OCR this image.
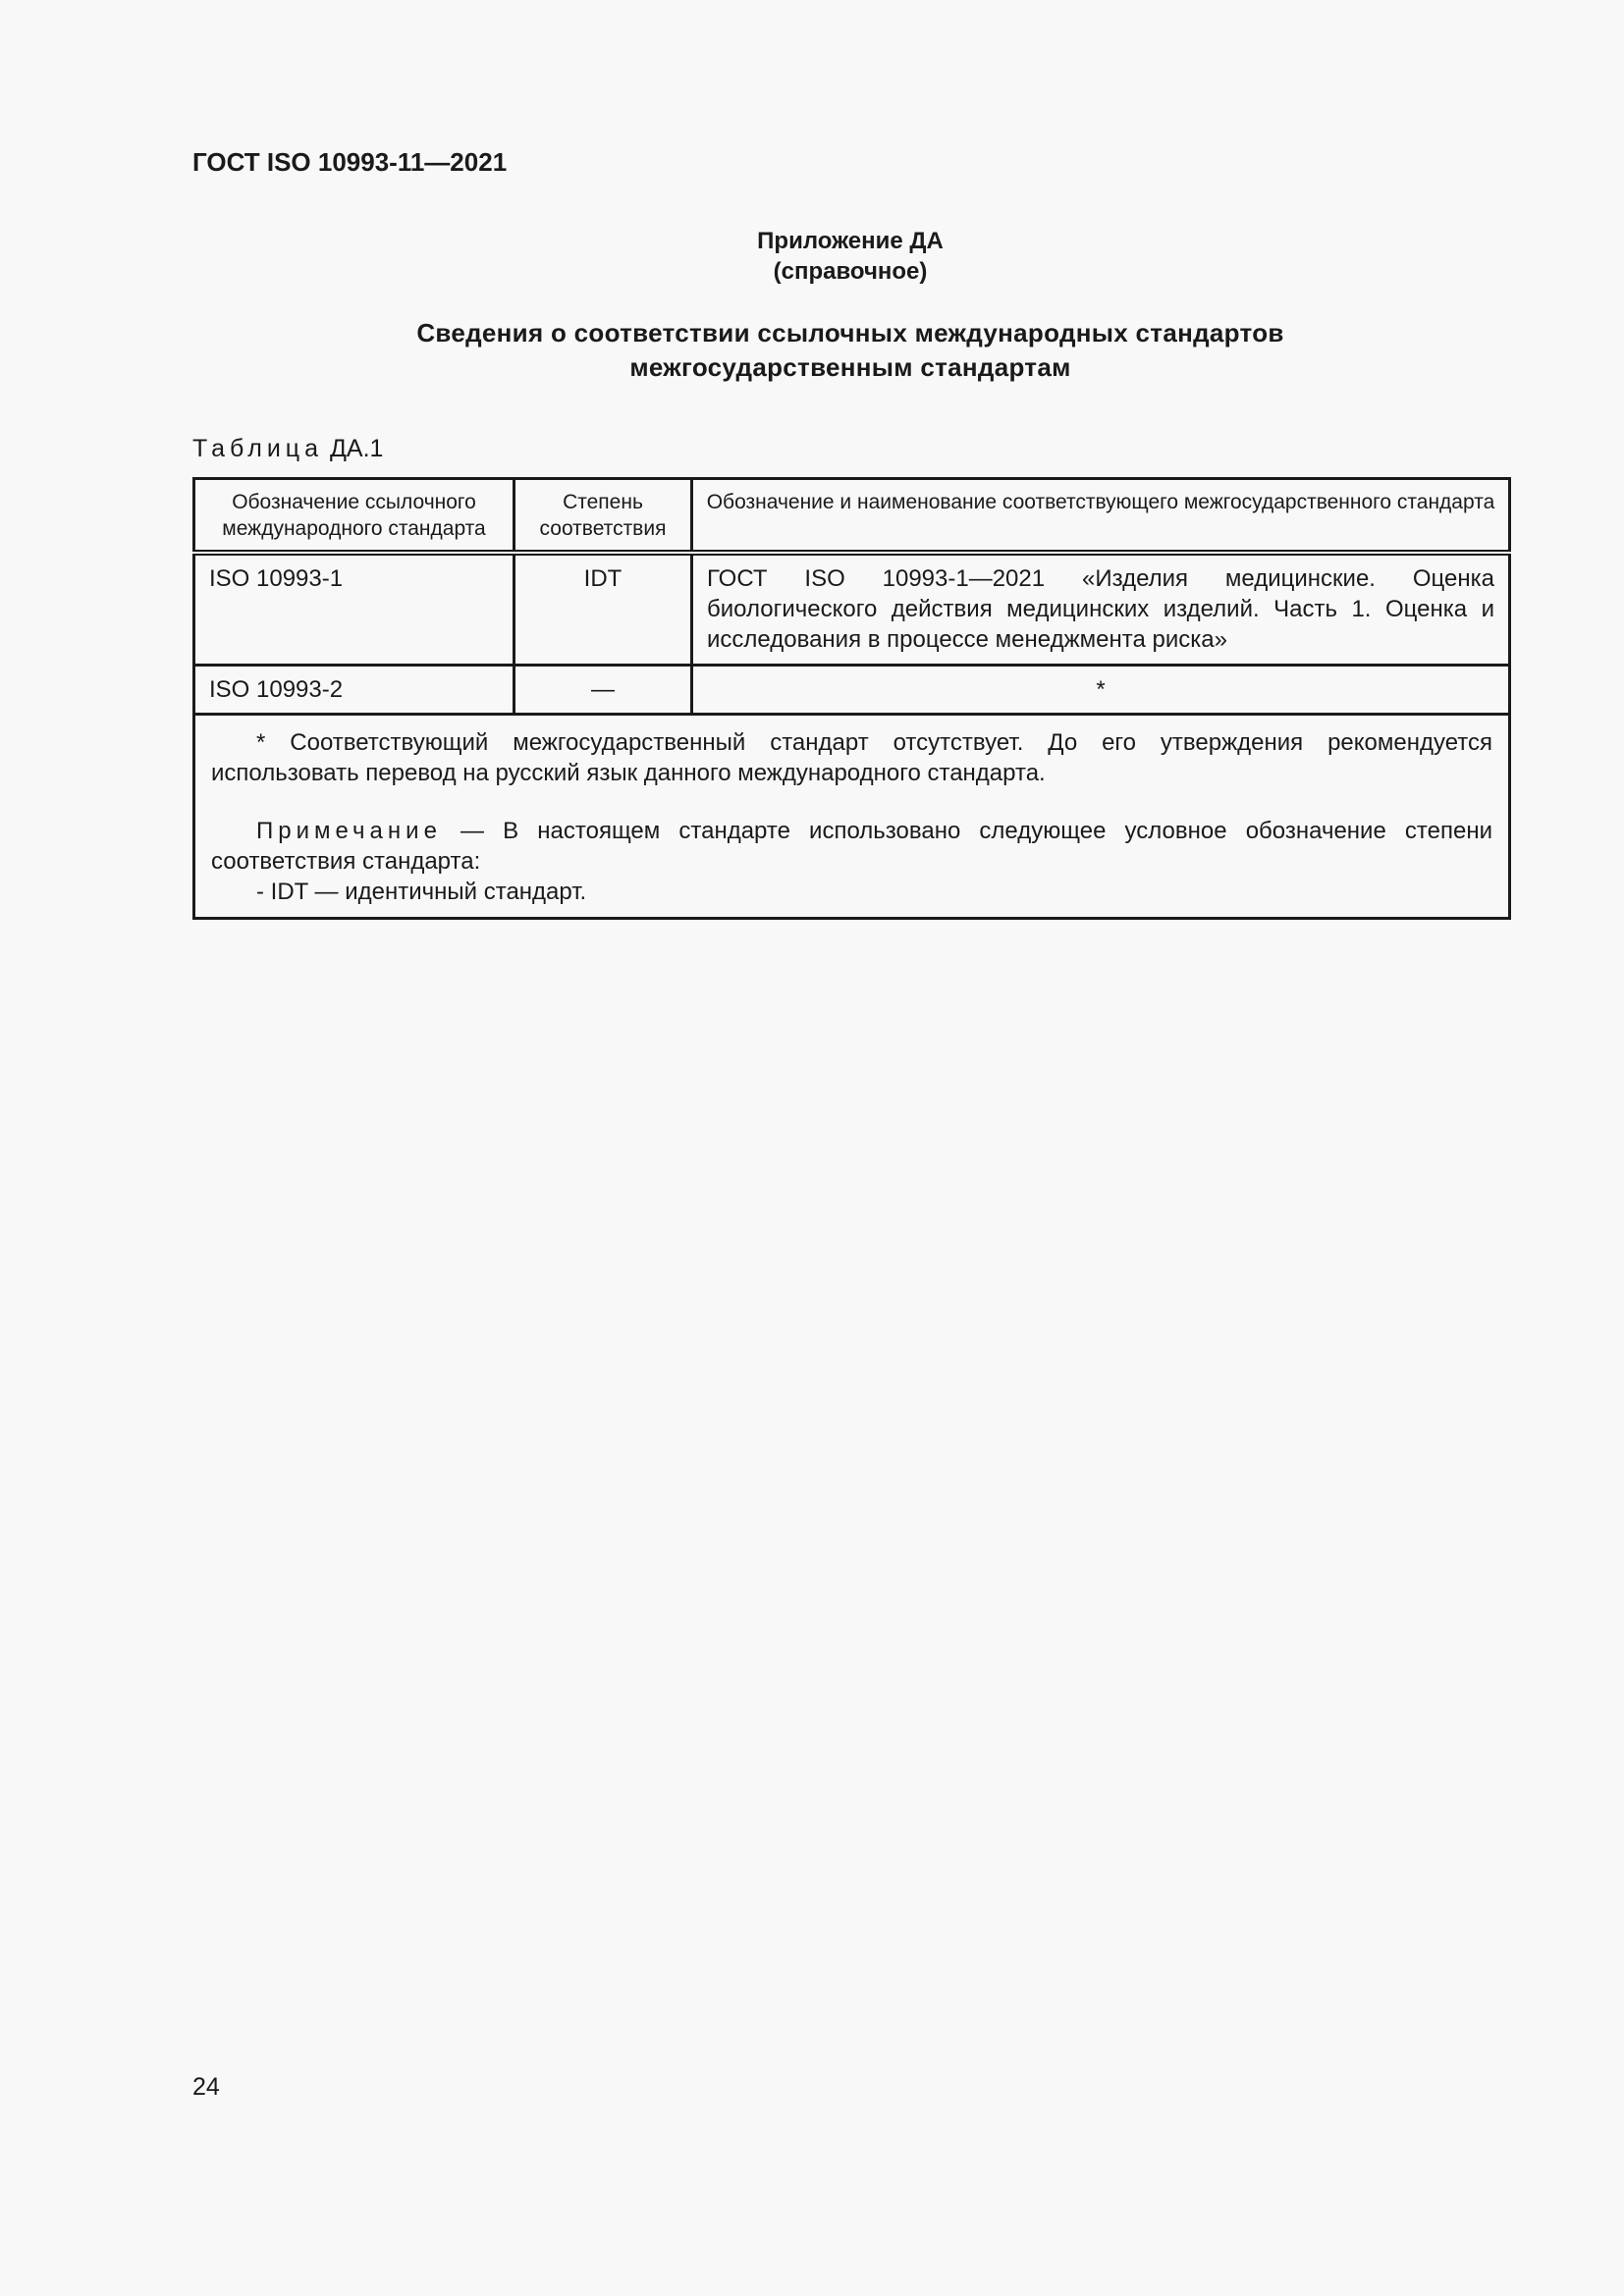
ГОСТ ISO 10993-11—2021
Приложение ДА
(справочное)
Сведения о соответствии ссылочных международных стандартов
межгосударственным стандартам
Таблица ДА.1
Обозначение ссылочного международного стандарта	Степень соответствия	Обозначение и наименование соответствующего межгосударственного стандарта
ISO 10993-1	IDT	ГОСТ ISO 10993-1—2021 «Изделия медицинские. Оценка биологического действия медицинских изделий. Часть 1. Оценка и исследования в процессе менеджмента риска»
ISO 10993-2	—	*

* Соответствующий межгосударственный стандарт отсутствует. До его утверждения рекомендуется использовать перевод на русский язык данного международного стандарта.

Примечание — В настоящем стандарте использовано следующее условное обозначение степени соответствия стандарта:

- IDT — идентичный стандарт.		

24
